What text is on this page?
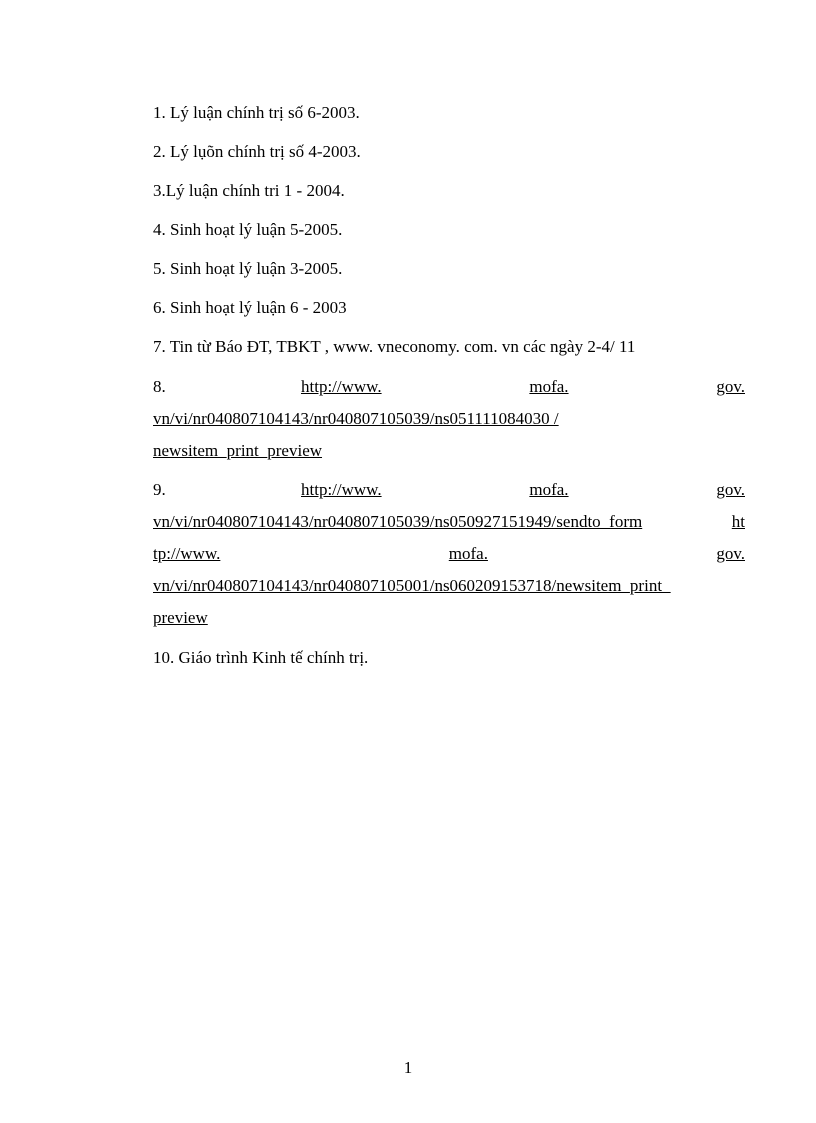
1. Lý luận chính trị số 6-2003.
2. Lý lụõn chính trị số 4-2003.
3.Lý luận chính tri 1 - 2004.
4. Sinh hoạt lý luận 5-2005.
5. Sinh hoạt lý luận 3-2005.
6. Sinh hoạt lý luận 6 - 2003
7. Tin từ Báo ĐT, TBKT , www. vneconomy. com. vn các ngày 2-4/ 11
8.	http://www.	mofa.	gov.
vn/vi/nr040807104143/nr040807105039/ns051111084030 /
newsitem_print_preview
9.	http://www.	mofa.	gov.
vn/vi/nr040807104143/nr040807105039/ns050927151949/sendto_form	ht
tp://www.	mofa.	gov.
vn/vi/nr040807104143/nr040807105001/ns060209153718/newsitem_print_
preview
10. Giáo trình Kinh tế chính trị.
1
